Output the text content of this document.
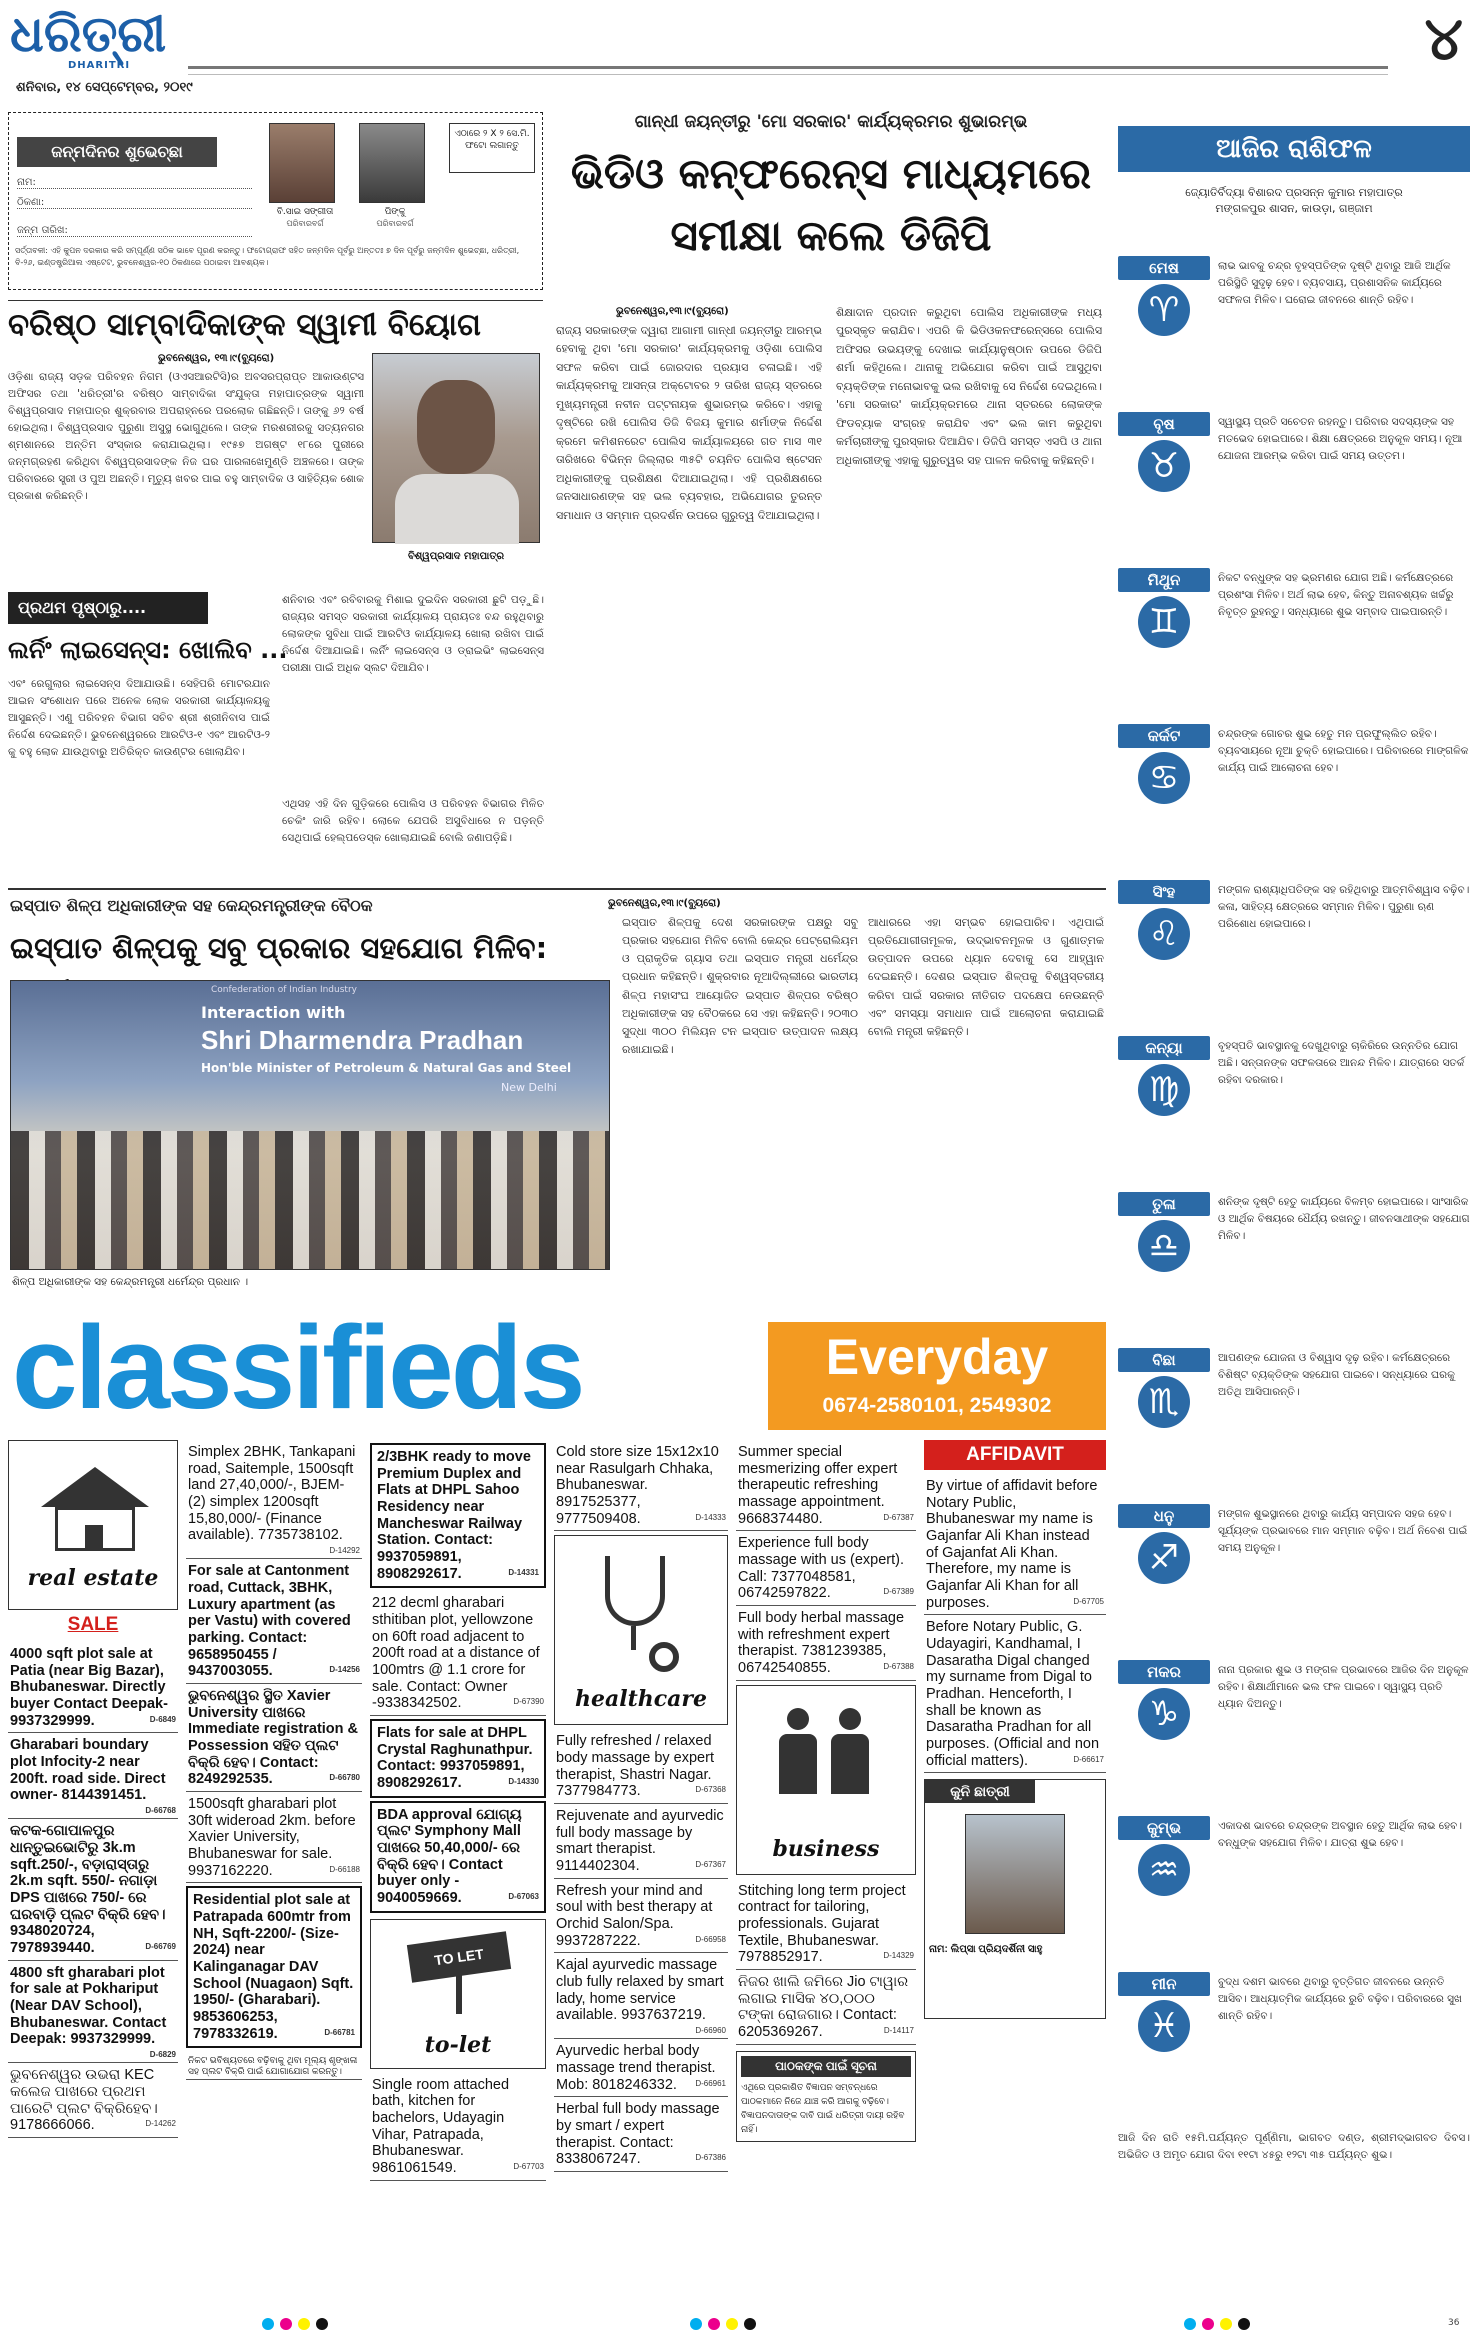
ଧରିତ୍ରୀ
DHARITRI
ଶନିବାର, ୧୪ ସେପ୍ଟେମ୍ବର, ୨୦୧୯
୪
ଜନ୍ମଦିନର ଶୁଭେଚ୍ଛା
ନାମ:
ଠିକଣା:
ଜନ୍ମ ତାରିଖ:
ବି.ସାଇ ସଙ୍ଗୀତା
ପରିବାରବର୍ଗ
ପିଙ୍କୁ
ପରିବାରବର୍ଗ
ଏଠାରେ ୨ X ୨ ସେ.ମି. ଫଟୋ ଲଗାନ୍ତୁ
ସର୍ତ୍ତାବଳୀ: ଏହି କୁପନ ଦରକାର କରି ସମ୍ପୂର୍ଣ୍ଣ ସଠିକ ଭାବେ ପୂରଣ କରନ୍ତୁ। ଫଟୋଗ୍ରାଫ ସହିତ ଜନ୍ମଦିନ ପୂର୍ବରୁ ଅନ୍ତତଃ ୭ ଦିନ ପୂର୍ବରୁ ଜନ୍ମଦିନ ଶୁଭେଚ୍ଛା, ଧରିତ୍ରୀ, ବି-୨୬, ଇଣ୍ଡଷ୍ଟ୍ରିଆଲ ଏଷ୍ଟେଟ, ଭୁବନେଶ୍ୱର-୧୦ ଠିକଣାରେ ପଠାଇବା ଆବଶ୍ୟକ।
ଗାନ୍ଧୀ ଜୟନ୍ତୀରୁ 'ମୋ ସରକାର' କାର୍ଯ୍ୟକ୍ରମର ଶୁଭାରମ୍ଭ
ଭିଡିଓ କନ୍‌ଫରେନ୍ସ ମାଧ୍ୟମରେ
ସମୀକ୍ଷା କଲେ ଡିଜିପି
ଭୁବନେଶ୍ୱର,୧୩।୯(ବ୍ୟୁରୋ)
ରାଜ୍ୟ ସରକାରଙ୍କ ଦ୍ୱାରା ଆଗାମୀ ଗାନ୍ଧୀ ଜୟନ୍ତୀରୁ ଆରମ୍ଭ ହେବାକୁ ଥିବା 'ମୋ ସରକାର' କାର୍ଯ୍ୟକ୍ରମକୁ ଓଡ଼ିଶା ପୋଲିସ ସଫଳ କରିବା ପାଇଁ ଜୋରଦାର ପ୍ରୟାସ ଚଳାଇଛି। ଏହି କାର୍ଯ୍ୟକ୍ରମକୁ ଆସନ୍ତା ଅକ୍ଟୋବର ୨ ତାରିଖ ରାଜ୍ୟ ସ୍ତରରେ ମୁଖ୍ୟମନ୍ତ୍ରୀ ନବୀନ ପଟ୍ଟନାୟକ ଶୁଭାରମ୍ଭ କରିବେ। ଏହାକୁ ଦୃଷ୍ଟିରେ ରଖି ପୋଲିସ ଡିଜି ବିଜୟ କୁମାର ଶର୍ମାଙ୍କ ନିର୍ଦ୍ଦେଶ କ୍ରମେ କମିଶନରେଟ ପୋଲିସ କାର୍ଯ୍ୟାଳୟରେ ଗତ ମାସ ୩୧ ତାରିଖରେ ବିଭିନ୍ନ ଜିଲ୍ଲାର ୩୫ଟି ଚୟନିତ ପୋଲିସ ଷ୍ଟେସନ ଅଧିକାରୀଙ୍କୁ ପ୍ରଶିକ୍ଷଣ ଦିଆଯାଇଥିଲା। ଏହି ପ୍ରଶିକ୍ଷଣରେ ଜନସାଧାରଣଙ୍କ ସହ ଭଲ ବ୍ୟବହାର, ଅଭିଯୋଗର ତୁରନ୍ତ ସମାଧାନ ଓ ସମ୍ମାନ ପ୍ରଦର୍ଶନ ଉପରେ ଗୁରୁତ୍ୱ ଦିଆଯାଇଥିଲା।
ଶିକ୍ଷାଦାନ ପ୍ରଦାନ କରୁଥିବା ପୋଲିସ ଅଧିକାରୀଙ୍କ ମଧ୍ୟ ପୁରସ୍କୃତ କରାଯିବ। ଏପରି କି ଭିଡିଓକନଫରେନ୍ସରେ ପୋଲିସ ଅଫିସର ଉଭୟଙ୍କୁ ଦେଖାଇ କାର୍ଯ୍ୟାନୁଷ୍ଠାନ ଉପରେ ଡିଜିପି ଶର୍ମା କହିଥିଲେ। ଥାନାକୁ ଅଭିଯୋଗ କରିବା ପାଇଁ ଆସୁଥିବା ବ୍ୟକ୍ତିଙ୍କ ମନୋଭାବକୁ ଭଲ ରଖିବାକୁ ସେ ନିର୍ଦ୍ଦେଶ ଦେଇଥିଲେ। 'ମୋ ସରକାର' କାର୍ଯ୍ୟକ୍ରମରେ ଥାନା ସ୍ତରରେ ଲୋକଙ୍କ ଫିଡବ୍ୟାକ ସଂଗ୍ରହ କରାଯିବ ଏବଂ ଭଲ କାମ କରୁଥିବା କର୍ମଚାରୀଙ୍କୁ ପୁରସ୍କାର ଦିଆଯିବ। ଡିଜିପି ସମସ୍ତ ଏସପି ଓ ଥାନା ଅଧିକାରୀଙ୍କୁ ଏହାକୁ ଗୁରୁତ୍ୱର ସହ ପାଳନ କରିବାକୁ କହିଛନ୍ତି।
ବରିଷ୍ଠ ସାମ୍ବାଦିକାଙ୍କ ସ୍ୱାମୀ ବିୟୋଗ
ଭୁବନେଶ୍ୱର, ୧୩।୯(ବ୍ୟୁରୋ)
ଓଡ଼ିଶା ରାଜ୍ୟ ସଡ଼କ ପରିବହନ ନିଗମ (ଓଏସଆରଟିସି)ର ଅବସରପ୍ରାପ୍ତ ଆକାଉଣ୍ଟସ ଅଫିସର ତଥା 'ଧରିତ୍ରୀ'ର ବରିଷ୍ଠ ସାମ୍ବାଦିକା ସଂଯୁକ୍ତା ମହାପାତ୍ରଙ୍କ ସ୍ୱାମୀ ବିଶ୍ୱପ୍ରସାଦ ମହାପାତ୍ର ଶୁକ୍ରବାର ଅପରାହ୍ନରେ ପରଲୋକ ଗଛିଛନ୍ତି। ତାଙ୍କୁ ୬୨ ବର୍ଷ ହୋଇଥିଲା। ବିଶ୍ୱପ୍ରସାଦ ପୁରୁଣା ଅସୁସ୍ଥ ଭୋଗୁଥିଲେ। ତାଙ୍କ ମରଶରୀରକୁ ସତ୍ୟନଗର ଶ୍ମଶାନରେ ଅନ୍ତିମ ସଂସ୍କାର କରାଯାଇଥିଲା। ୧୯୫୭ ଅଗଷ୍ଟ ୧୮ରେ ପୁରୀରେ ଜନ୍ମଗ୍ରହଣ କରିଥିବା ବିଶ୍ୱପ୍ରସାଦଙ୍କ ନିଜ ଘର ପାରଳାଖେମୁଣ୍ଡି ଅଞ୍ଚଳରେ। ତାଙ୍କ ପରିବାରରେ ସ୍ତ୍ରୀ ଓ ପୁଅ ଅଛନ୍ତି। ମୃତ୍ୟୁ ଖବର ପାଇ ବହୁ ସାମ୍ବାଦିକ ଓ ସାହିତ୍ୟିକ ଶୋକ ପ୍ରକାଶ କରିଛନ୍ତି।
ବିଶ୍ୱପ୍ରସାଦ ମହାପାତ୍ର
ପ୍ରଥମ ପୃଷ୍ଠାରୁ....
ଲର୍ନିଂ ଲାଇସେନ୍ସ: ଖୋଲିବ ...
ଏବଂ ରେଗୁଲାର ଲାଇସେନ୍ସ ଦିଆଯାଉଛି। ସେହିପରି ମୋଟରଯାନ ଆଇନ ସଂଶୋଧନ ପରେ ଅନେକ ଲୋକ ସରକାରୀ କାର୍ଯ୍ୟାଳୟକୁ ଆସୁଛନ୍ତି। ଏଣୁ ପରିବହନ ବିଭାଗ ସଚିବ ଶ୍ରୀ ଶ୍ରୀନିବାସ ପାଇଁ ନିର୍ଦ୍ଦେଶ ଦେଇଛନ୍ତି। ଭୁବନେଶ୍ୱରରେ ଆରଟିଓ-୧ ଏବଂ ଆରଟିଓ-୨ କୁ ବହୁ ଲୋକ ଯାଉଥିବାରୁ ଅତିରିକ୍ତ କାଉଣ୍ଟର ଖୋଲାଯିବ।
ଶନିବାର ଏବଂ ରବିବାରକୁ ମିଶାଇ ଦୁଇଦିନ ସରକାରୀ ଛୁଟି ପଡ଼ୁଛି। ରାଜ୍ୟର ସମସ୍ତ ସରକାରୀ କାର୍ଯ୍ୟାଳୟ ପ୍ରାୟତଃ ବନ୍ଦ ରହୁଥିବାରୁ ଲୋକଙ୍କ ସୁବିଧା ପାଇଁ ଆରଟିଓ କାର୍ଯ୍ୟାଳୟ ଖୋଲା ରଖିବା ପାଇଁ ନିର୍ଦ୍ଦେଶ ଦିଆଯାଇଛି। ଲର୍ନିଂ ଲାଇସେନ୍ସ ଓ ଡ୍ରାଇଭିଂ ଲାଇସେନ୍ସ ପରୀକ୍ଷା ପାଇଁ ଅଧିକ ସ୍ଲଟ ଦିଆଯିବ।
ଏଥିସହ ଏହି ଦିନ ଗୁଡ଼ିକରେ ପୋଲିସ ଓ ପରିବହନ ବିଭାଗର ମିଳିତ ଚେକିଂ ଜାରି ରହିବ। ଲୋକେ ଯେପରି ଅସୁବିଧାରେ ନ ପଡ଼ନ୍ତି ସେଥିପାଇଁ ହେଲ୍ପଡେସ୍କ ଖୋଲାଯାଇଛି ବୋଲି ଜଣାପଡ଼ିଛି।
ଇସ୍ପାତ ଶିଳ୍ପ ଅଧିକାରୀଙ୍କ ସହ କେନ୍ଦ୍ରମନ୍ତ୍ରୀଙ୍କ ବୈଠକ	ଭୁବନେଶ୍ୱର,୧୩।୯(ବ୍ୟୁରୋ)
ଇସ୍ପାତ ଶିଳ୍ପକୁ ସବୁ ପ୍ରକାର ସହଯୋଗ ମିଳିବ:
Confederation of Indian Industry
Interaction with
Shri Dharmendra Pradhan
Hon'ble Minister of Petroleum & Natural Gas and Steel
New Delhi
ଶିଳ୍ପ ଅଧିକାରୀଙ୍କ ସହ କେନ୍ଦ୍ରମନ୍ତ୍ରୀ ଧର୍ମେନ୍ଦ୍ର ପ୍ରଧାନ ।
ଇସ୍ପାତ ଶିଳ୍ପକୁ ଦେଶ ସରକାରଙ୍କ ପକ୍ଷରୁ ସବୁ ପ୍ରକାର ସହଯୋଗ ମିଳିବ ବୋଲି କେନ୍ଦ୍ର ପେଟ୍ରୋଲିୟମ ଓ ପ୍ରାକୃତିକ ଗ୍ୟାସ ତଥା ଇସ୍ପାତ ମନ୍ତ୍ରୀ ଧର୍ମେନ୍ଦ୍ର ପ୍ରଧାନ କହିଛନ୍ତି। ଶୁକ୍ରବାର ନୂଆଦିଲ୍ଲୀରେ ଭାରତୀୟ ଶିଳ୍ପ ମହାସଂଘ ଆୟୋଜିତ ଇସ୍ପାତ ଶିଳ୍ପର ବରିଷ୍ଠ ଅଧିକାରୀଙ୍କ ସହ ବୈଠକରେ ସେ ଏହା କହିଛନ୍ତି। ୨୦୩୦ ସୁଦ୍ଧା ୩୦୦ ମିଲିୟନ ଟନ ଇସ୍ପାତ ଉତ୍ପାଦନ ଲକ୍ଷ୍ୟ ରଖାଯାଇଛି।
ଆଧାରରେ ଏହା ସମ୍ଭବ ହୋଇପାରିବ। ଏଥିପାଇଁ ପ୍ରତିଯୋଗୀତାମୂଳକ, ଉଦ୍ଭାବନମୂଳକ ଓ ଗୁଣାତ୍ମକ ଉତ୍ପାଦନ ଉପରେ ଧ୍ୟାନ ଦେବାକୁ ସେ ଆହ୍ୱାନ ଦେଇଛନ୍ତି। ଦେଶର ଇସ୍ପାତ ଶିଳ୍ପକୁ ବିଶ୍ୱସ୍ତରୀୟ କରିବା ପାଇଁ ସରକାର ନୀତିଗତ ପଦକ୍ଷେପ ନେଉଛନ୍ତି ଏବଂ ସମସ୍ୟା ସମାଧାନ ପାଇଁ ଆଲୋଚନା କରାଯାଇଛି ବୋଲି ମନ୍ତ୍ରୀ କହିଛନ୍ତି।
ଆଜିର ରାଶିଫଳ
ଜ୍ୟୋତିର୍ବିଦ୍ୟା ବିଶାରଦ ପ୍ରସନ୍ନ କୁମାର ମହାପାତ୍ର
ମଙ୍ଗଳପୁର ଶାସନ, କାଉଡ଼ା, ଗଞ୍ଜାମ
ମେଷ
♈
ଲାଭ ଭାବକୁ ଚନ୍ଦ୍ର ବୃହସ୍ପତିଙ୍କ ଦୃଷ୍ଟି ଥିବାରୁ ଆଜି ଆର୍ଥିକ ପରିସ୍ଥିତି ସୁଦୃଢ଼ ହେବ। ବ୍ୟବସାୟ, ପ୍ରଶାସନିକ କାର୍ଯ୍ୟରେ ସଫଳତା ମିଳିବ। ଘରୋଇ ଜୀବନରେ ଶାନ୍ତି ରହିବ।
ବୃଷ
♉
ସ୍ୱାସ୍ଥ୍ୟ ପ୍ରତି ସଚେତନ ରହନ୍ତୁ। ପରିବାର ସଦସ୍ୟଙ୍କ ସହ ମତଭେଦ ହୋଇପାରେ। ଶିକ୍ଷା କ୍ଷେତ୍ରରେ ଅନୁକୂଳ ସମୟ। ନୂଆ ଯୋଜନା ଆରମ୍ଭ କରିବା ପାଇଁ ସମୟ ଉତ୍ତମ।
ମିଥୁନ
♊
ନିକଟ ବନ୍ଧୁଙ୍କ ସହ ଭ୍ରମଣର ଯୋଗ ଅଛି। କର୍ମକ୍ଷେତ୍ରରେ ପ୍ରଶଂସା ମିଳିବ। ଅର୍ଥ ଲାଭ ହେବ, କିନ୍ତୁ ଅନାବଶ୍ୟକ ଖର୍ଚ୍ଚରୁ ନିବୃତ୍ତ ରୁହନ୍ତୁ। ସନ୍ଧ୍ୟାରେ ଶୁଭ ସମ୍ବାଦ ପାଇପାରନ୍ତି।
କର୍କଟ
♋
ଚନ୍ଦ୍ରଙ୍କ ଗୋଚର ଶୁଭ ହେତୁ ମନ ପ୍ରଫୁଲ୍ଲିତ ରହିବ। ବ୍ୟବସାୟରେ ନୂଆ ଚୁକ୍ତି ହୋଇପାରେ। ପରିବାରରେ ମାଙ୍ଗଳିକ କାର୍ଯ୍ୟ ପାଇଁ ଆଲୋଚନା ହେବ।
ସିଂହ
♌
ମଙ୍ଗଳ ରାଶ୍ୟାଧିପତିଙ୍କ ସହ ରହିଥିବାରୁ ଆତ୍ମବିଶ୍ୱାସ ବଢ଼ିବ। କଳା, ସାହିତ୍ୟ କ୍ଷେତ୍ରରେ ସମ୍ମାନ ମିଳିବ। ପୁରୁଣା ଋଣ ପରିଶୋଧ ହୋଇପାରେ।
କନ୍ୟା
♍
ବୃହସ୍ପତି ଭାବସ୍ଥାନକୁ ଦେଖୁଥିବାରୁ ଚାକିରିରେ ଉନ୍ନତିର ଯୋଗ ଅଛି। ସନ୍ତାନଙ୍କ ସଫଳତାରେ ଆନନ୍ଦ ମିଳିବ। ଯାତ୍ରାରେ ସତର୍କ ରହିବା ଦରକାର।
ତୁଳା
♎
ଶନିଙ୍କ ଦୃଷ୍ଟି ହେତୁ କାର୍ଯ୍ୟରେ ବିଳମ୍ବ ହୋଇପାରେ। ସାଂସାରିକ ଓ ଆର୍ଥିକ ବିଷୟରେ ଧୈର୍ଯ୍ୟ ରଖନ୍ତୁ। ଜୀବନସାଥୀଙ୍କ ସହଯୋଗ ମିଳିବ।
ବିଛା
♏
ଆପଣଙ୍କ ଯୋଜନା ଓ ବିଶ୍ୱାସ ଦୃଢ଼ ରହିବ। କର୍ମକ୍ଷେତ୍ରରେ ବିଶିଷ୍ଟ ବ୍ୟକ୍ତିଙ୍କ ସହଯୋଗ ପାଇବେ। ସନ୍ଧ୍ୟାରେ ଘରକୁ ଅତିଥି ଆସିପାରନ୍ତି।
ଧନୁ
♐
ମଙ୍ଗଳ ଶୁଭସ୍ଥାନରେ ଥିବାରୁ କାର୍ଯ୍ୟ ସମ୍ପାଦନ ସହଜ ହେବ। ସୂର୍ଯ୍ୟଙ୍କ ପ୍ରଭାବରେ ମାନ ସମ୍ମାନ ବଢ଼ିବ। ଅର୍ଥ ନିବେଶ ପାଇଁ ସମୟ ଅନୁକୂଳ।
ମକର
♑
ନାନା ପ୍ରକାର ଶୁଭ ଓ ମଙ୍ଗଳ ପ୍ରଭାବରେ ଆଜିର ଦିନ ଅନୁକୂଳ ରହିବ। ଶିକ୍ଷାର୍ଥୀମାନେ ଭଲ ଫଳ ପାଇବେ। ସ୍ୱାସ୍ଥ୍ୟ ପ୍ରତି ଧ୍ୟାନ ଦିଅନ୍ତୁ।
କୁମ୍ଭ
♒
ଏକାଦଶ ଭାବରେ ଚନ୍ଦ୍ରଙ୍କ ଅବସ୍ଥାନ ହେତୁ ଆର୍ଥିକ ଲାଭ ହେବ। ବନ୍ଧୁଙ୍କ ସହଯୋଗ ମିଳିବ। ଯାତ୍ରା ଶୁଭ ହେବ।
ମୀନ
♓
ବୁଦ୍ଧ ଦଶମ ଭାବରେ ଥିବାରୁ ବୃତ୍ତିଗତ ଜୀବନରେ ଉନ୍ନତି ଆସିବ। ଆଧ୍ୟାତ୍ମିକ କାର୍ଯ୍ୟରେ ରୁଚି ବଢ଼ିବ। ପରିବାରରେ ସୁଖ ଶାନ୍ତି ରହିବ।
ଆଜି ଦିନ ରାତି ୧୫ମି.ପର୍ଯ୍ୟନ୍ତ ପୂର୍ଣ୍ଣିମା, ଭାଗବତ ଦଣ୍ଡ, ଶ୍ରୀମଦ୍ଭାଗବତ ଦିବସ। ଅଭିଜିତ ଓ ଅମୃତ ଯୋଗ ଦିବା ୧୧ଟା ୪୫ରୁ ୧୨ଟା ୩୫ ପର୍ଯ୍ୟନ୍ତ ଶୁଭ।
classifieds	Everyday
0674-2580101, 2549302
real estate
SALE
4000 sqft plot sale at Patia (near Big Bazar), Bhubaneswar. Directly buyer Contact Deepak- 9937329999.	D-6849
Gharabari boundary plot Infocity-2 near 200ft. road side. Direct owner- 8144391451.
D-66768
କଟକ-ଗୋପାଳପୁର ଧାନ୍ତୁଇଭୋଟିରୁ 3k.m sqft.250/-, ବଡ଼ାରାସ୍ତାରୁ 2k.m sqft. 550/- ନଗାଡ଼ା DPS ପାଖରେ 750/- ରେ ଘରବାଡ଼ି ପ୍ଲଟ ବିକ୍ରି ହେବ। 9348020724, 7978939440.	D-66769
4800 sft gharabari plot for sale at Pokhariput (Near DAV School), Bhubaneswar. Contact Deepak: 9937329999.
D-6829
ଭୁବନେଶ୍ୱର ଉଭରା KEC କଲେଜ ପାଖରେ ପ୍ରଥମ ପାରେଟି ପ୍ଲଟ ବିକ୍ରିହେବ। 9178666066.	D-14262
Simplex 2BHK, Tankapani road, Saitemple, 1500sqft land 27,40,000/-, BJEM-(2) simplex 1200sqft 15,80,000/- (Finance available). 7735738102.
D-14292
For sale at Cantonment road, Cuttack, 3BHK, Luxury apartment (as per Vastu) with covered parking. Contact: 9658950455 / 9437003055.	D-14256
ଭୁବନେଶ୍ୱର ସ୍ଥିତ Xavier University ପାଖରେ Immediate registration & Possession ସହିତ ପ୍ଲଟ ବିକ୍ରି ହେବ। Contact: 8249292535.	D-66780
1500sqft gharabari plot 30ft wideroad 2km. before Xavier University, Bhubaneswar for sale. 9937162220.	D-66188
Residential plot sale at Patrapada 600mtr from NH, Sqft-2200/- (Size-2024) near Kalinganagar DAV School (Nuagaon) Sqft. 1950/- (Gharabari). 9853606253, 7978332619.	D-66781
ନିକଟ ଭବିଷ୍ୟତରେ ବଢ଼ିବାକୁ ଥିବା ମୂଲ୍ୟ ଶୃଙ୍ଖଳା ସହ ପ୍ଲଟ ବିକ୍ରି ପାଇଁ ଯୋଗାଯୋଗ କରନ୍ତୁ।
2/3BHK ready to move Premium Duplex and Flats at DHPL Sahoo Residency near Mancheswar Railway Station. Contact: 9937059891, 8908292617.	D-14331
212 decml gharabari sthitiban plot, yellowzone on 60ft road adjacent to 200ft road at a distance of 100mtrs @ 1.1 crore for sale. Contact: Owner -9338342502.	D-67390
Flats for sale at DHPL Crystal Raghunathpur. Contact: 9937059891, 8908292617.	D-14330
BDA approval ଯୋଗ୍ୟ ପ୍ଲଟ Symphony Mall ପାଖରେ 50,40,000/- ରେ ବିକ୍ରି ହେବ। Contact buyer only - 9040059669.	D-67063
TO LET
to-let
Single room attached bath, kitchen for bachelors, Udayagin Vihar, Patrapada, Bhubaneswar. 9861061549.	D-67703
Cold store size 15x12x10 near Rasulgarh Chhaka, Bhubaneswar. 8917525377, 9777509408.	D-14333
healthcare
Fully refreshed / relaxed body massage by expert therapist, Shastri Nagar. 7377984773.	D-67368
Rejuvenate and ayurvedic full body massage by smart therapist. 9114402304.	D-67367
Refresh your mind and soul with best therapy at Orchid Salon/Spa. 9937287222.	D-66958
Kajal ayurvedic massage club fully relaxed by smart lady, home service available. 9937637219.
D-66960
Ayurvedic herbal body massage trend therapist. Mob: 8018246332. D-66961
Herbal full body massage by smart / expert therapist. Contact: 8338067247.	D-67386
Summer special mesmerizing offer expert therapeutic refreshing massage appointment. 9668374480.	D-67387
Experience full body massage with us (expert). Call: 7377048581, 06742597822.	D-67389
Full body herbal massage with refreshment expert therapist. 7381239385, 06742540855.	D-67388
business
Stitching long term project contract for tailoring, professionals. Gujarat Textile, Bhubaneswar. 7978852917.	D-14329
ନିଜର ଖାଲି ଜମିରେ Jio ଟାୱାର ଲଗାଇ ମାସିକ ୪୦,୦୦୦ ଟଙ୍କା ରୋଜଗାର। Contact: 6205369267.	D-14117
ପାଠକଙ୍କ ପାଇଁ ସୂଚନା
ଏଥିରେ ପ୍ରକାଶିତ ବିଜ୍ଞାପନ ସମ୍ବନ୍ଧରେ ପାଠକମାନେ ନିଜେ ଯାଞ୍ଚ କରି ଆଗକୁ ବଢ଼ିବେ। ବିଜ୍ଞାପନଦାତାଙ୍କ ଦାବି ପାଇଁ ଧରିତ୍ରୀ ଦାୟୀ ରହିବ ନାହିଁ।
AFFIDAVIT
By virtue of affidavit before Notary Public, Bhubaneswar my name is Gajanfar Ali Khan instead of Gajanfat Ali Khan. Therefore, my name is Gajanfar Ali Khan for all purposes.	D-67705
Before Notary Public, G. Udayagiri, Kandhamal, I Dasaratha Digal changed my surname from Digal to Pradhan. Henceforth, I shall be known as Dasaratha Pradhan for all purposes. (Official and non official matters).	D-66617
କୁନି ଛାତ୍ରୀ
ନାମ: ଲିପ୍‌ସା ପ୍ରିୟଦର୍ଶିନୀ ସାହୁ
36
